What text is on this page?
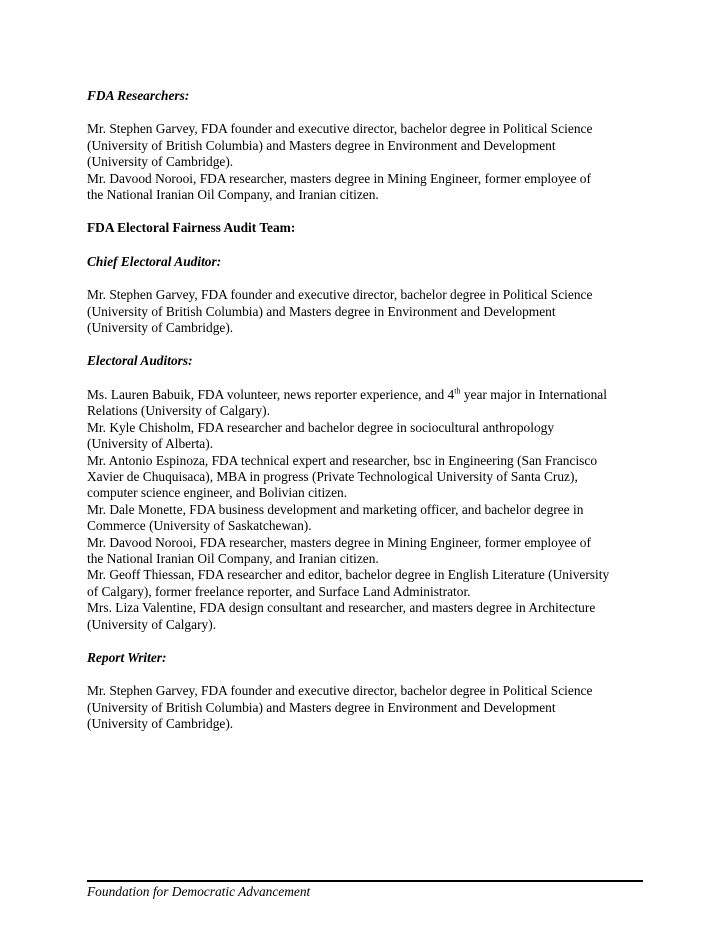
FDA Researchers:
Mr. Stephen Garvey, FDA founder and executive director, bachelor degree in Political Science
(University of British Columbia) and Masters degree in Environment and Development
(University of Cambridge).
Mr. Davood Norooi, FDA researcher, masters degree in Mining Engineer, former employee of
the National Iranian Oil Company, and Iranian citizen.
FDA Electoral Fairness Audit Team:
Chief Electoral Auditor:
Mr. Stephen Garvey, FDA founder and executive director, bachelor degree in Political Science
(University of British Columbia) and Masters degree in Environment and Development
(University of Cambridge).
Electoral Auditors:
Ms. Lauren Babuik, FDA volunteer, news reporter experience, and 4th year major in International
Relations (University of Calgary).
Mr. Kyle Chisholm, FDA researcher and bachelor degree in sociocultural anthropology
(University of Alberta).
Mr. Antonio Espinoza, FDA technical expert and researcher, bsc in Engineering (San Francisco
Xavier de Chuquisaca), MBA in progress (Private Technological University of Santa Cruz),
computer science engineer, and Bolivian citizen.
Mr. Dale Monette, FDA business development and marketing officer, and bachelor degree in
Commerce (University of Saskatchewan).
Mr. Davood Norooi, FDA researcher, masters degree in Mining Engineer, former employee of
the National Iranian Oil Company, and Iranian citizen.
Mr. Geoff Thiessan, FDA researcher and editor, bachelor degree in English Literature (University
of Calgary), former freelance reporter, and Surface Land Administrator.
Mrs. Liza Valentine, FDA design consultant and researcher, and masters degree in Architecture
(University of Calgary).
Report Writer:
Mr. Stephen Garvey, FDA founder and executive director, bachelor degree in Political Science
(University of British Columbia) and Masters degree in Environment and Development
(University of Cambridge).
Foundation for Democratic Advancement
